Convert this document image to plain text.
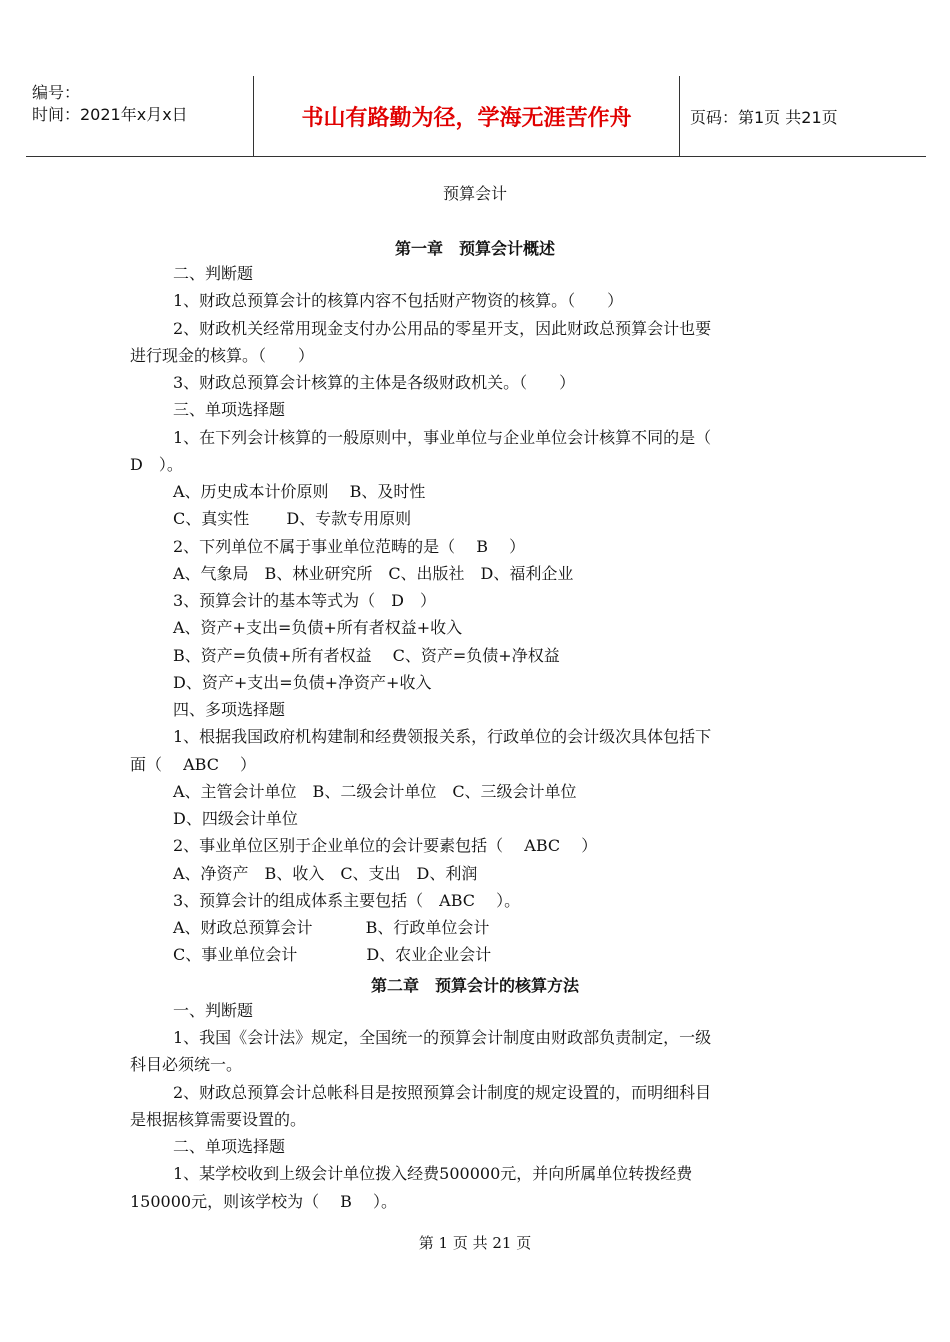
编号：
时间：2021年x月x日	书山有路勤为径，学海无涯苦作舟	页码：第1页 共21页
预算会计
第一章　预算会计概述
二、判断题
1、财政总预算会计的核算内容不包括财产物资的核算。（　　）
2、财政机关经常用现金支付办公用品的零星开支，因此财政总预算会计也要
进行现金的核算。（　　）
3、财政总预算会计核算的主体是各级财政机关。（　　）
三、单项选择题
1、在下列会计核算的一般原则中，事业单位与企业单位会计核算不同的是（
D　）。
A、历史成本计价原则　 B、及时性
C、真实性　　 D、专款专用原则
2、下列单位不属于事业单位范畴的是（　 B　 ）
A、气象局　B、林业研究所　C、出版社　D、福利企业
3、预算会计的基本等式为（　D　）
A、资产+支出=负债+所有者权益+收入
B、资产=负债+所有者权益　 C、资产=负债+净权益
D、资产+支出=负债+净资产+收入
四、多项选择题
1、根据我国政府机构建制和经费领报关系，行政单位的会计级次具体包括下
面（　 ABC　 ）
A、主管会计单位　B、二级会计单位　C、三级会计单位
D、四级会计单位
2、事业单位区别于企业单位的会计要素包括（　 ABC　 ）
A、净资产　B、收入　C、支出　D、利润
3、预算会计的组成体系主要包括（　ABC　 ）。
A、财政总预算会计　　　 B、行政单位会计
C、事业单位会计　　　　 D、农业企业会计
第二章　预算会计的核算方法
一、判断题
1、我国《会计法》规定，全国统一的预算会计制度由财政部负责制定，一级
科目必须统一。
2、财政总预算会计总帐科目是按照预算会计制度的规定设置的，而明细科目
是根据核算需要设置的。
二、单项选择题
1、某学校收到上级会计单位拨入经费500000元，并向所属单位转拨经费
150000元，则该学校为（　 B　 ）。
第 1 页 共 21 页
